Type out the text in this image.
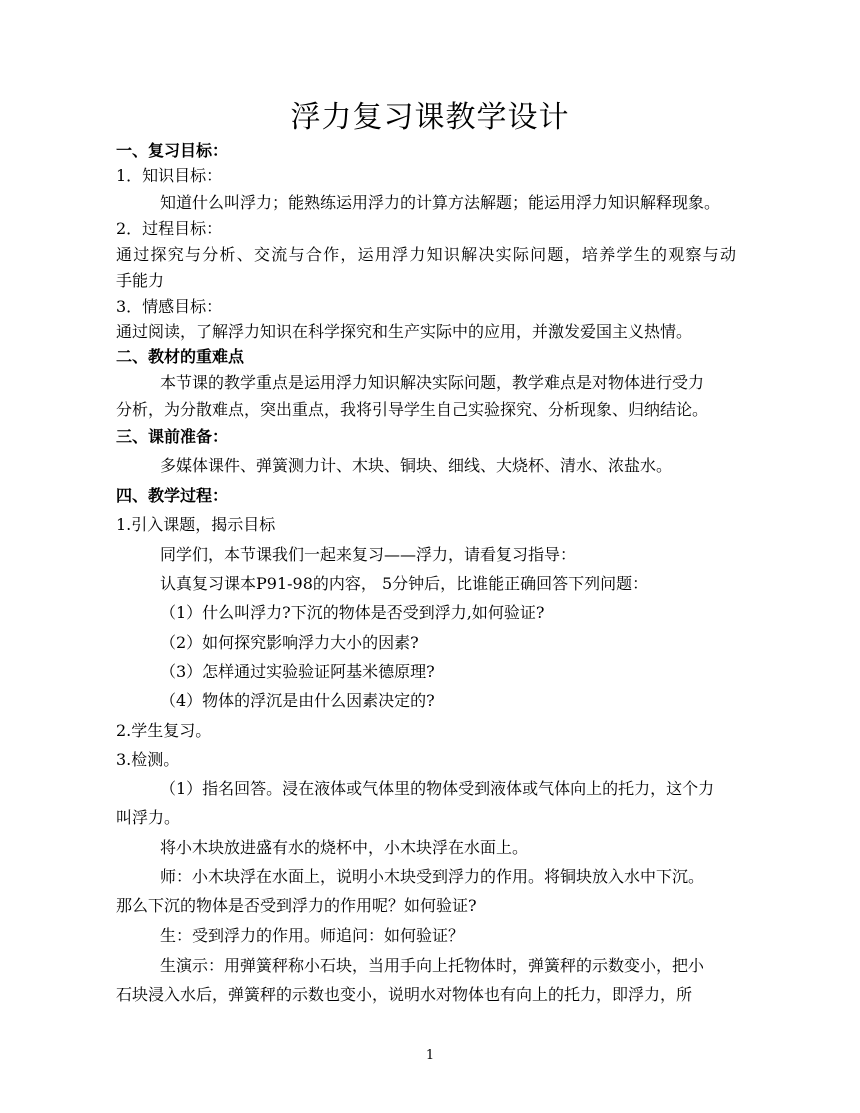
浮力复习课教学设计
一、复习目标：
1．知识目标：
知道什么叫浮力；能熟练运用浮力的计算方法解题；能运用浮力知识解释现象。
2．过程目标：
通过探究与分析、交流与合作，运用浮力知识解决实际问题，培养学生的观察与动
手能力
3．情感目标：
通过阅读，了解浮力知识在科学探究和生产实际中的应用，并激发爱国主义热情。
二、教材的重难点
本节课的教学重点是运用浮力知识解决实际问题，教学难点是对物体进行受力
分析，为分散难点，突出重点，我将引导学生自己实验探究、分析现象、归纳结论。
三、课前准备：
多媒体课件、弹簧测力计、木块、铜块、细线、大烧杯、清水、浓盐水。
四、教学过程：
1.引入课题，揭示目标
同学们，本节课我们一起来复习——浮力，请看复习指导：
认真复习课本P91-98的内容， 5分钟后，比谁能正确回答下列问题：
（1）什么叫浮力?下沉的物体是否受到浮力,如何验证?
（2）如何探究影响浮力大小的因素?
（3）怎样通过实验验证阿基米德原理?
（4）物体的浮沉是由什么因素决定的?
2.学生复习。
3.检测。
（1）指名回答。浸在液体或气体里的物体受到液体或气体向上的托力，这个力
叫浮力。
将小木块放进盛有水的烧杯中，小木块浮在水面上。
师：小木块浮在水面上，说明小木块受到浮力的作用。将铜块放入水中下沉。
那么下沉的物体是否受到浮力的作用呢？如何验证?
生：受到浮力的作用。师追问：如何验证？
生演示：用弹簧秤称小石块，当用手向上托物体时，弹簧秤的示数变小，把小
石块浸入水后，弹簧秤的示数也变小，说明水对物体也有向上的托力，即浮力，所
1
